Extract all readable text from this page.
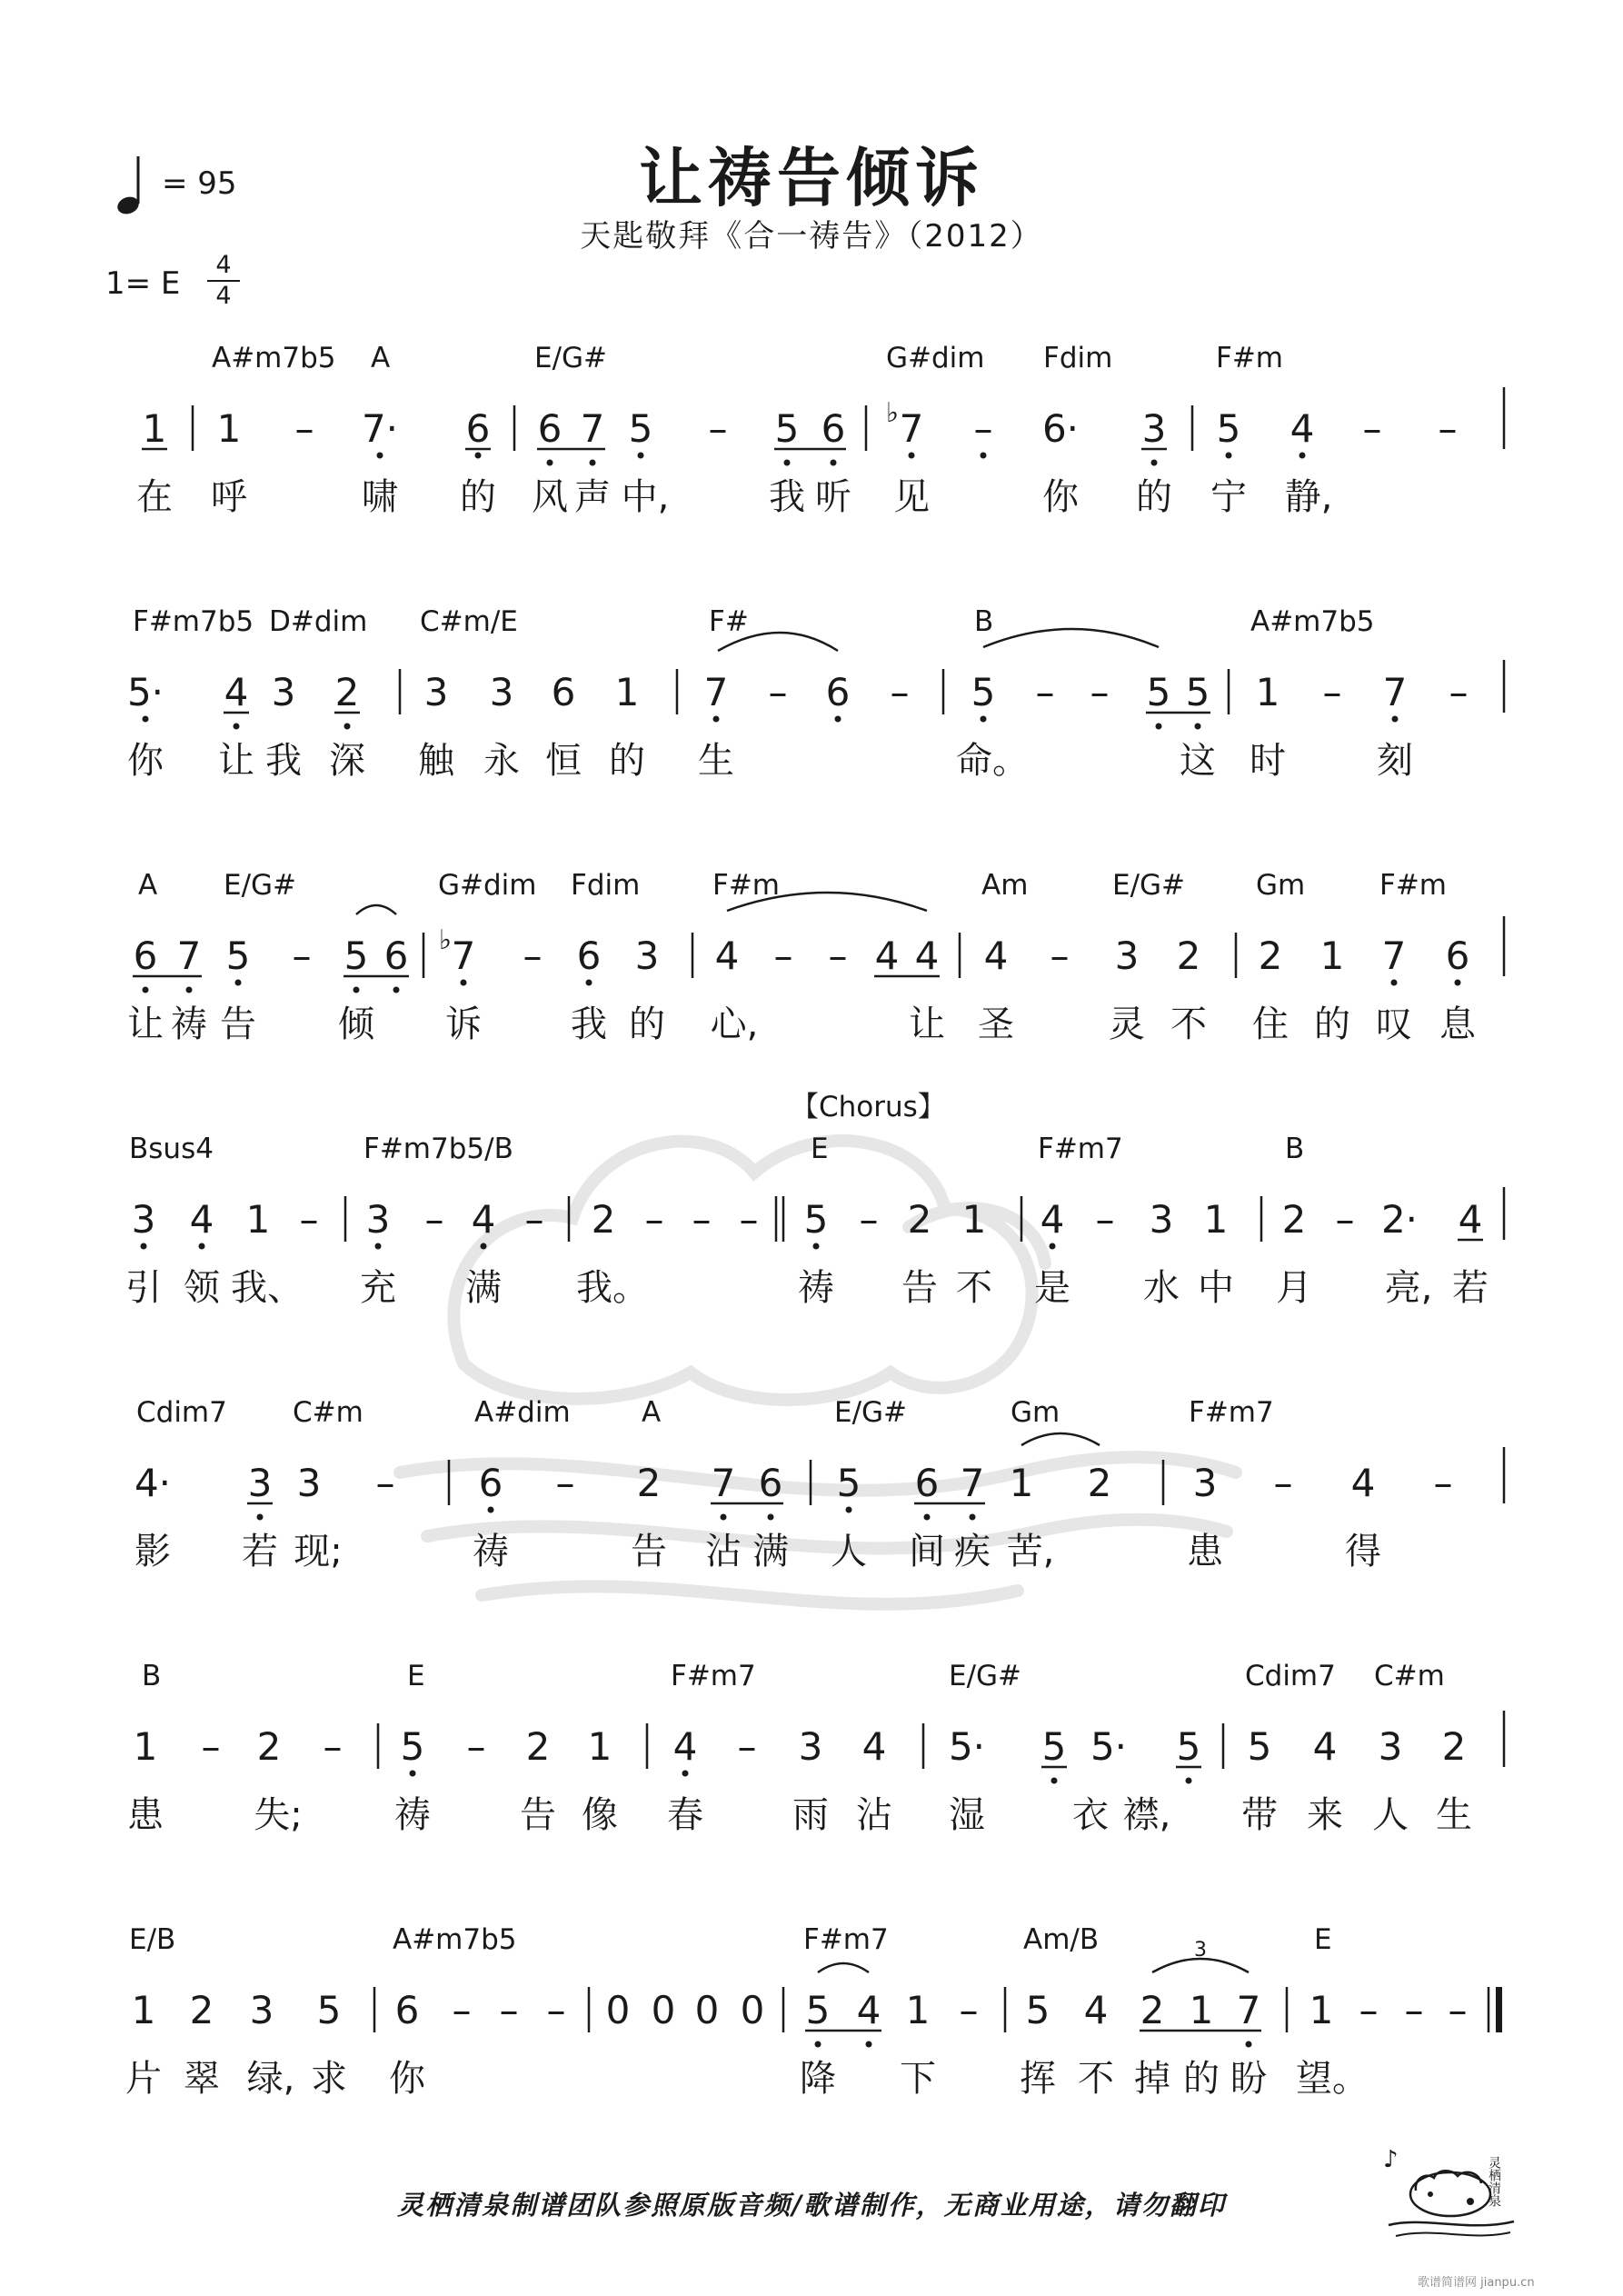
让祷告倾诉
天匙敬拜《合一祷告》（2012）
= 95
1= E
4
4
A#m7b5 A	E/G#	G#dim Fdim	F#m
1 1 – 7· 6 6 7 5 – 5 6 ♭ 7 – 6· 3 5 4 – –
在 呼	啸 的 风 声 中,	我 听 见	你 的 宁 静,
F#m7b5 D#dim C#m/E	F#	B	A#m7b5
5· 4 3 2 3 3 6 1 7 – 6 – 5 – – 5 5 1 – 7 –
你 让 我 深 触 永 恒 的 生	命。	这 时	刻
A E/G#	G#dim Fdim	F#m	Am	E/G#	Gm	F#m
6 7 5 – 5 6 ♭ 7 – 6 3 4 – – 4 4 4 – 3 2 2 1 7 6
让 祷 告 倾 诉 我 的 心,	让 圣	灵 不 住 的 叹 息
【Chorus】
Bsus4	F#m7b5/B	E	F#m7	B
3 4 1 – 3 – 4 – 2 – – – 5 – 2 1 4 – 3 1 2 – 2· 4
引 领 我、 充 满 我。	祷 告 不 是 水 中 月 亮, 若
Cdim7 C#m	A#dim	A	E/G#	Gm	F#m7
4· 3 3 – 6 – 2 7 6 5 6 7 1 2 3 – 4 –
影 若 现;	祷	告 沾 满 人 间 疾 苦,	患	得
B	E	F#m7	E/G#	Cdim7 C#m
1 – 2 – 5 – 2 1 4 – 3 4 5· 5 5· 5 5 4 3 2
患 失;	祷 告 像 春 雨 沾 湿 衣 襟, 带 来 人 生
E/B	A#m7b5	F#m7	Am/B	E
1 2 3 5 6 – – – 0 0 0 0 5 4 1 – 5 4 2 1 7 1 – – –
3
片 翠 绿, 求 你	降 下 挥 不 掉 的 盼 望。
灵栖清泉制谱团队参照原版音频/歌谱制作，无商业用途，请勿翻印
♪	灵栖清泉
歌谱简谱网 jianpu.cn
